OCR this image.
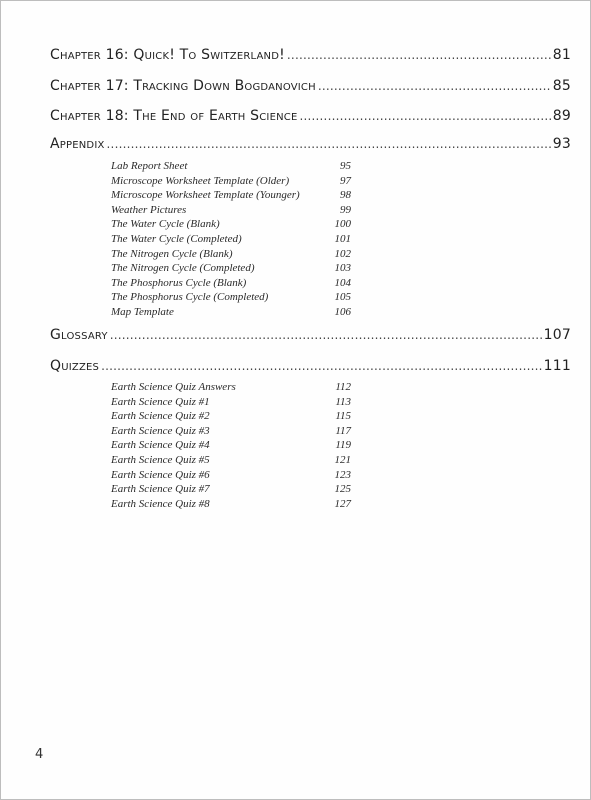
Chapter 16: Quick! To Switzerland! .....	81
Chapter 17: Tracking Down Bogdanovich .....	85
Chapter 18: The End of Earth Science .....	89
Appendix .....	93
Lab Report Sheet	95
Microscope Worksheet Template (Older)	97
Microscope Worksheet Template (Younger)	98
Weather Pictures	99
The Water Cycle (Blank)	100
The Water Cycle (Completed)	101
The Nitrogen Cycle (Blank)	102
The Nitrogen Cycle (Completed)	103
The Phosphorus Cycle (Blank)	104
The Phosphorus Cycle (Completed)	105
Map Template	106
Glossary .....	107
Quizzes .....	111
Earth Science Quiz Answers	112
Earth Science Quiz #1	113
Earth Science Quiz #2	115
Earth Science Quiz #3	117
Earth Science Quiz #4	119
Earth Science Quiz #5	121
Earth Science Quiz #6	123
Earth Science Quiz #7	125
Earth Science Quiz #8	127
4
